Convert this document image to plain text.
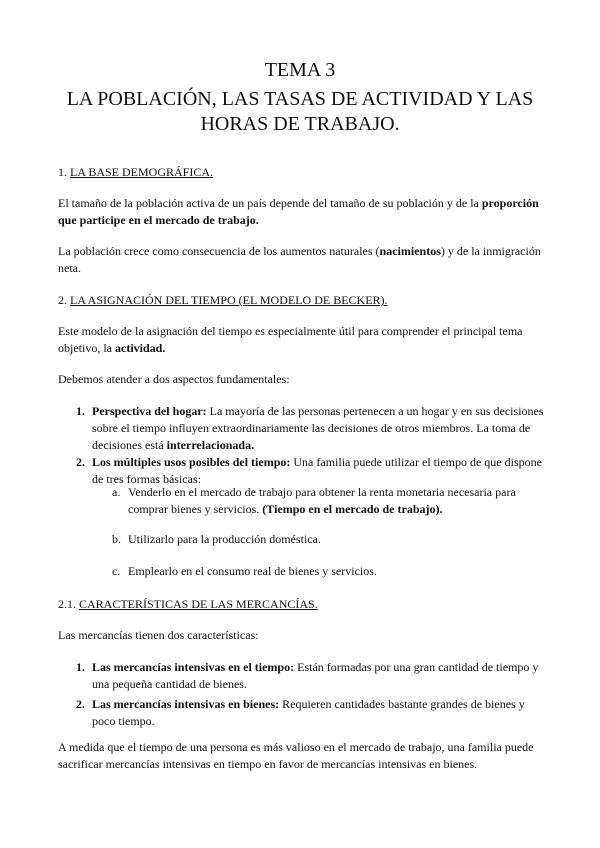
TEMA 3
LA POBLACIÓN, LAS TASAS DE ACTIVIDAD Y LAS
HORAS DE TRABAJO.

1. LA BASE DEMOGRÁFICA.

El tamaño de la población activa de un país depende del tamaño de su población y de la proporción que participe en el mercado de trabajo.

La población crece como consecuencia de los aumentos naturales (nacimientos) y de la inmigración neta.

2. LA ASIGNACIÓN DEL TIEMPO (EL MODELO DE BECKER).

Este modelo de la asignación del tiempo es especialmente útil para comprender el principal tema objetivo, la actividad.

Debemos atender a dos aspectos fundamentales:

1. Perspectiva del hogar: La mayoría de las personas pertenecen a un hogar y en sus decisiones sobre el tiempo influyen extraordinariamente las decisiones de otros miembros. La toma de decisiones está interrelacionada.
2. Los múltiples usos posibles del tiempo: Una familia puede utilizar el tiempo de que dispone de tres formas básicas:
a. Venderlo en el mercado de trabajo para obtener la renta monetaria necesaria para comprar bienes y servicios. (Tiempo en el mercado de trabajo).
b. Utilizarlo para la producción doméstica.
c. Emplearlo en el consumo real de bienes y servicios.

2.1. CARACTERÍSTICAS DE LAS MERCANCÍAS.

Las mercancías tienen dos características:

1. Las mercancías intensivas en el tiempo: Están formadas por una gran cantidad de tiempo y una pequeña cantidad de bienes.
2. Las mercancías intensivas en bienes: Requieren cantidades bastante grandes de bienes y poco tiempo.

A medida que el tiempo de una persona es más valioso en el mercado de trabajo, una familia puede sacrificar mercancías intensivas en tiempo en favor de mercancías intensivas en bienes.
